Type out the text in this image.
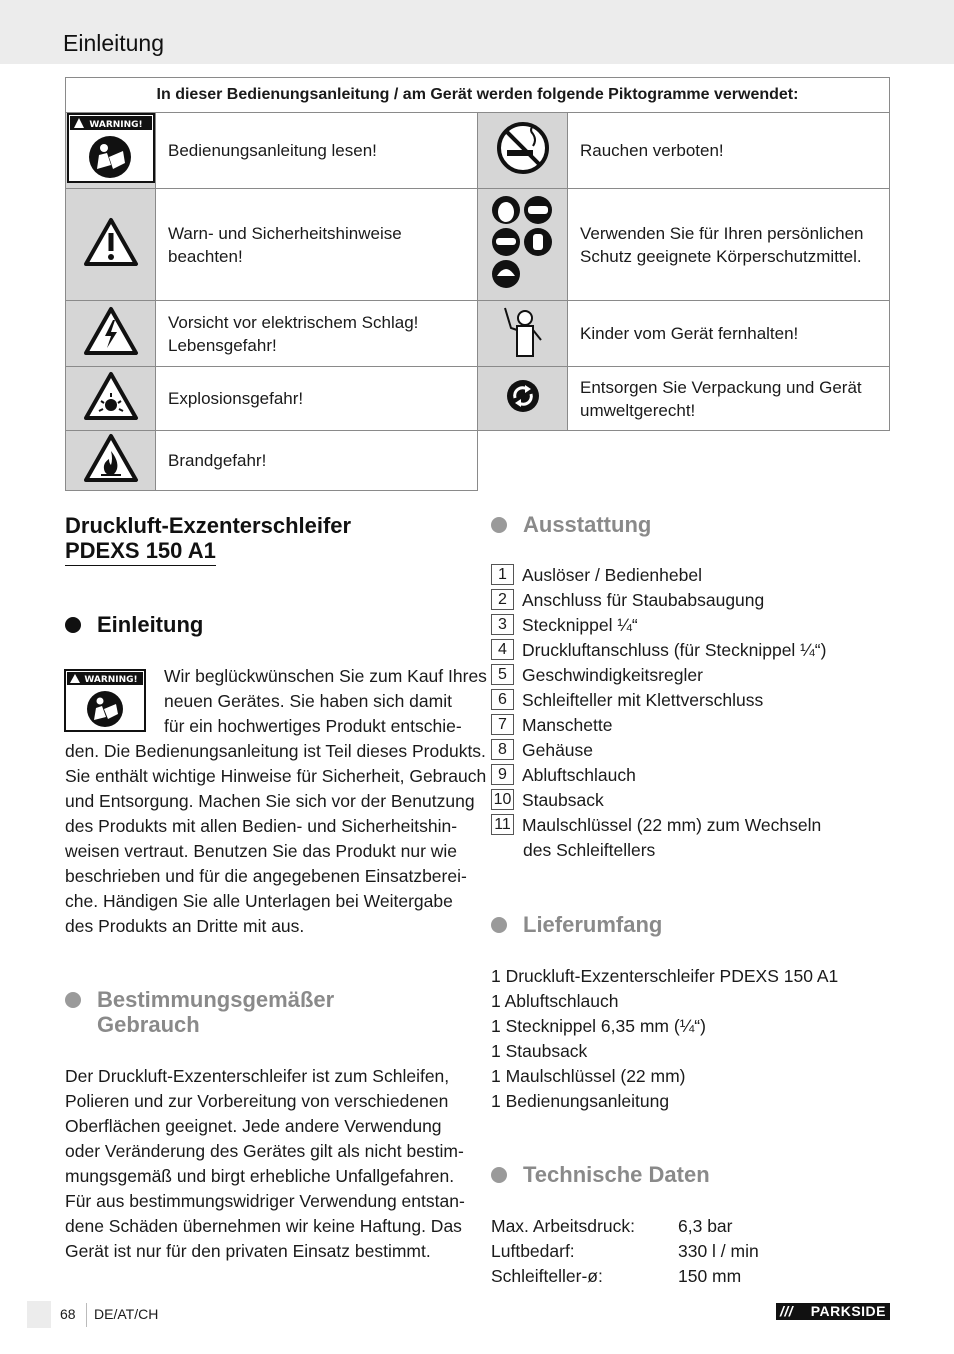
Einleitung
In dieser Bedienungsanleitung / am Gerät werden folgende Piktogramme verwendet:			

WARNING!	Bedienungsanleitung lesen!		Rauchen verboten!
	Warn- und Sicherheitshinweise beachten!		Verwenden Sie für Ihren persönlichen Schutz geeignete Körperschutzmittel.
	Vorsicht vor elektrischem Schlag! Lebensgefahr!		Kinder vom Gerät fernhalten!
	Explosionsgefahr!		Entsorgen Sie Verpackung und Gerät umweltgerecht!
	Brandgefahr!		
Druckluft-Exzenterschleifer
PDEXS 150 A1
Einleitung
WARNING! Wir beglückwünschen Sie zum Kauf Ihres
neuen Gerätes. Sie haben sich damit
für ein hochwertiges Produkt entschie-
den. Die Bedienungsanleitung ist Teil dieses Produkts.
Sie enthält wichtige Hinweise für Sicherheit, Gebrauch
und Entsorgung. Machen Sie sich vor der Benutzung
des Produkts mit allen Bedien- und Sicherheitshin-
weisen vertraut. Benutzen Sie das Produkt nur wie
beschrieben und für die angegebenen Einsatzberei-
che. Händigen Sie alle Unterlagen bei Weitergabe
des Produkts an Dritte mit aus.
Bestimmungsgemäßer
Gebrauch
Der Druckluft-Exzenterschleifer ist zum Schleifen,
Polieren und zur Vorbereitung von verschiedenen
Oberflächen geeignet. Jede andere Verwendung
oder Veränderung des Gerätes gilt als nicht bestim-
mungsgemäß und birgt erhebliche Unfallgefahren.
Für aus bestimmungswidriger Verwendung entstan-
dene Schäden übernehmen wir keine Haftung. Das
Gerät ist nur für den privaten Einsatz bestimmt.
Ausstattung
1 Auslöser / Bedienhebel
2 Anschluss für Staubabsaugung
3 Stecknippel ¼“
4 Druckluftanschluss (für Stecknippel ¼“)
5 Geschwindigkeitsregler
6 Schleifteller mit Klettverschluss
7 Manschette
8 Gehäuse
9 Abluftschlauch
10 Staubsack
11 Maulschlüssel (22 mm) zum Wechseln
des Schleiftellers
Lieferumfang
1 Druckluft-Exzenterschleifer PDEXS 150 A1
1 Abluftschlauch
1 Stecknippel 6,35 mm (¼“)
1 Staubsack
1 Maulschlüssel (22 mm)
1 Bedienungsanleitung
Technische Daten
Max. Arbeitsdruck: 6,3 bar
Luftbedarf:	330 l / min
Schleifteller-ø:	150 mm
68 DE/AT/CH	/// PARKSIDE
